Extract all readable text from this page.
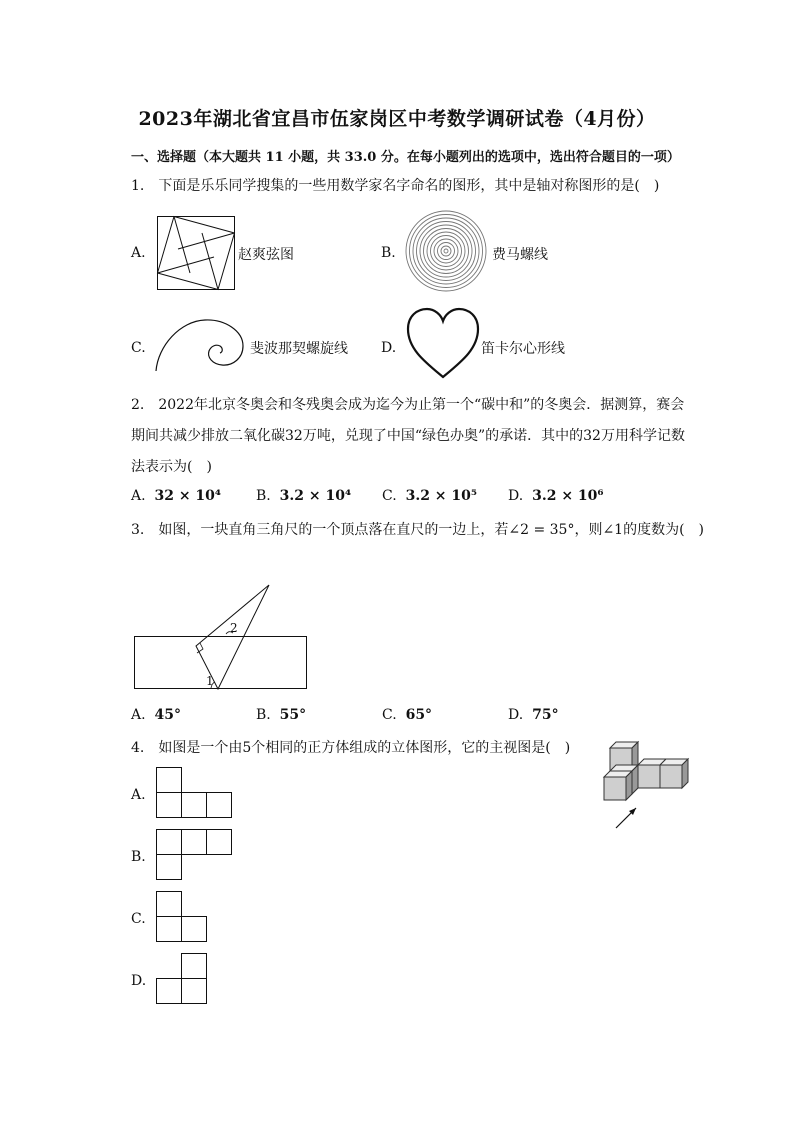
2023年湖北省宜昌市伍家岗区中考数学调研试卷（4月份）
一、选择题（本大题共 11 小题，共 33.0 分。在每小题列出的选项中，选出符合题目的一项）
1.　下面是乐乐同学搜集的一些用数学家名字命名的图形，其中是轴对称图形的是(　)
A.	赵爽弦图	B.	费马螺线
C.	斐波那契螺旋线 D.	笛卡尔心形线
2.　2022年北京冬奥会和冬残奥会成为迄今为止第一个“碳中和”的冬奥会．据测算，赛会
期间共减少排放二氧化碳32万吨，兑现了中国“绿色办奥”的承诺．其中的32万用科学记数
法表示为(　)
A. 32 × 10⁴ B. 3.2 × 10⁴ C. 3.2 × 10⁵ D. 3.2 × 10⁶
3.　如图，一块直角三角尺的一个顶点落在直尺的一边上，若∠2 = 35°，则∠1的度数为(　)
2
1
A. 45°	B. 55°	C. 65°	D. 75°
4.　如图是一个由5个相同的正方体组成的立体图形，它的主视图是(　)
A.
B.
C.
D.
